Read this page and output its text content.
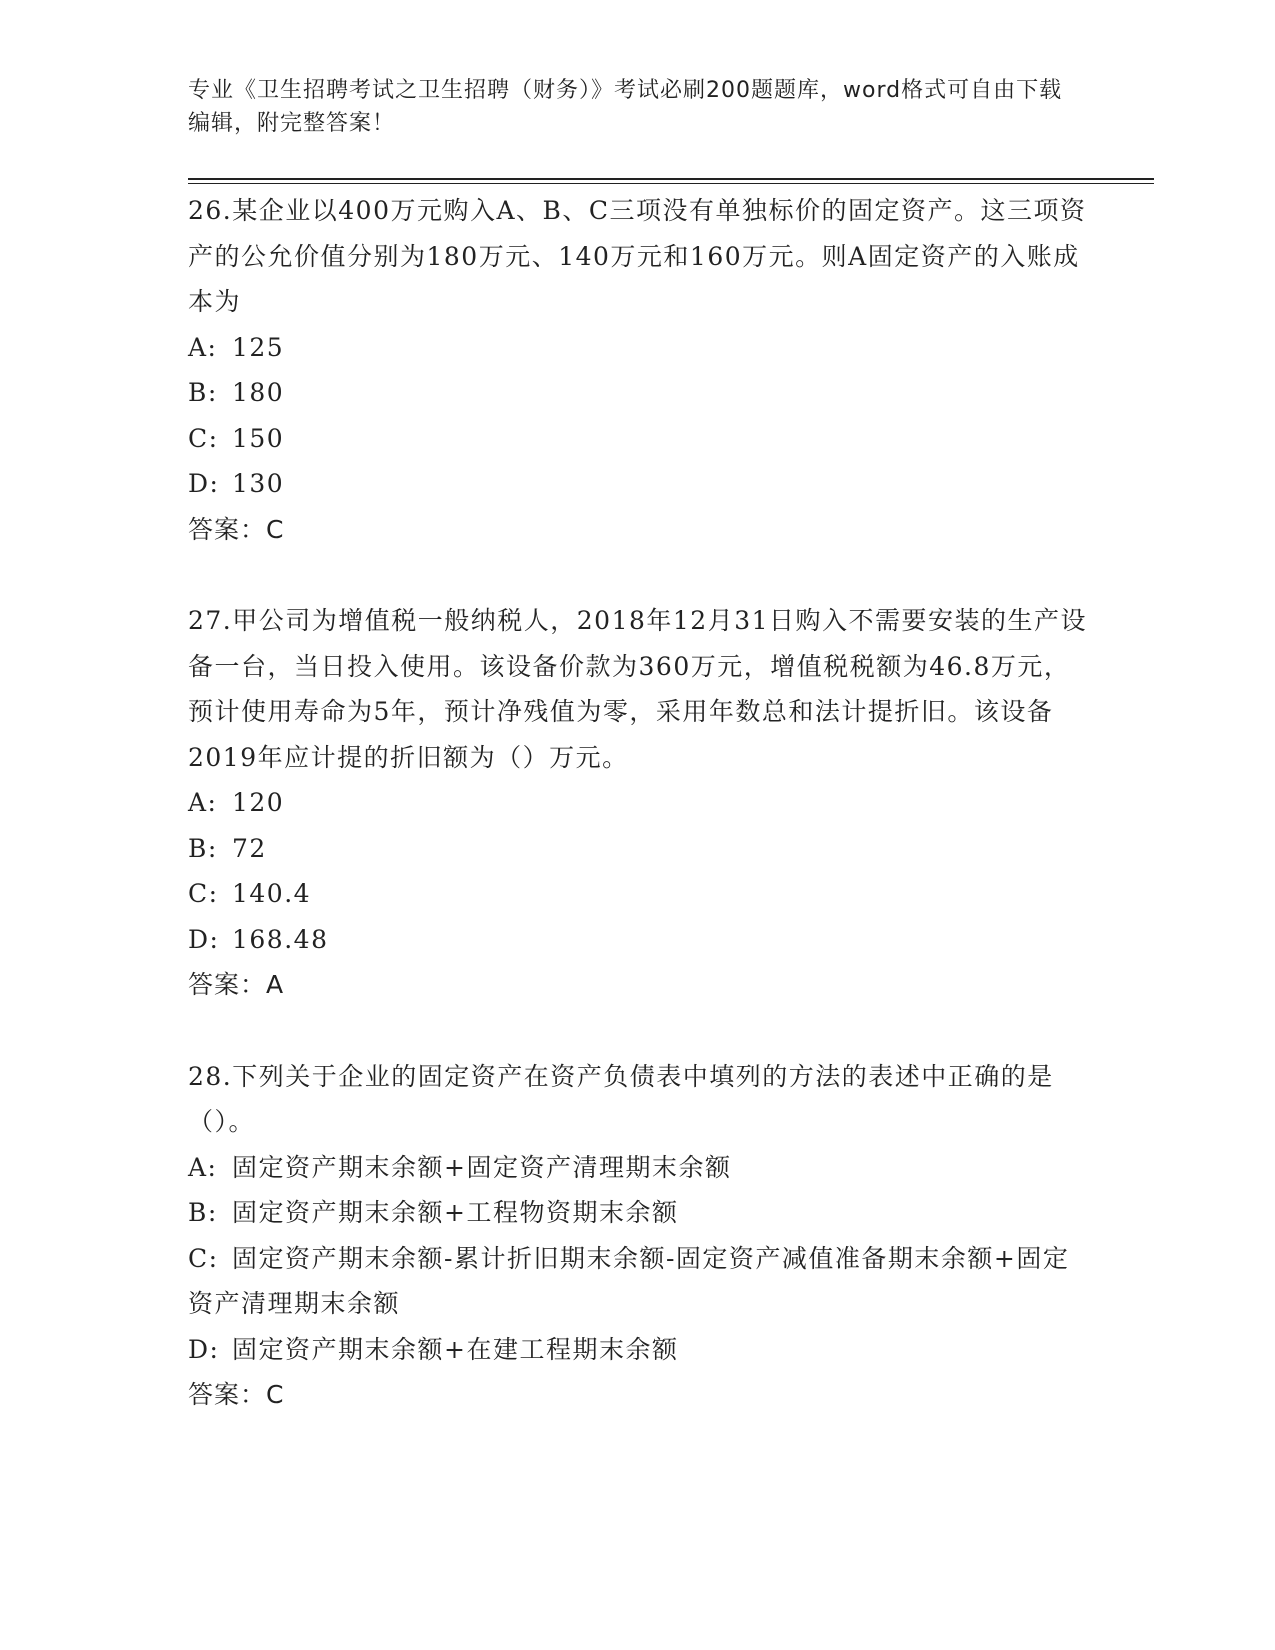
专业《卫生招聘考试之卫生招聘（财务）》考试必刷200题题库，word格式可自由下载编辑，附完整答案！

26.某企业以400万元购入A、B、C三项没有单独标价的固定资产。这三项资产的公允价值分别为180万元、140万元和160万元。则A固定资产的入账成本为

A: 125

B: 180

C: 150

D: 130

答案：C

27.甲公司为增值税一般纳税人，2018年12月31日购入不需要安装的生产设备一台，当日投入使用。该设备价款为360万元，增值税税额为46.8万元，预计使用寿命为5年，预计净残值为零，采用年数总和法计提折旧。该设备2019年应计提的折旧额为（）万元。

A: 120

B: 72

C: 140.4

D: 168.48

答案：A

28.下列关于企业的固定资产在资产负债表中填列的方法的表述中正确的是（）。

A: 固定资产期末余额+固定资产清理期末余额

B: 固定资产期末余额+工程物资期末余额

C: 固定资产期末余额-累计折旧期末余额-固定资产减值准备期末余额+固定资产清理期末余额

D: 固定资产期末余额+在建工程期末余额

答案：C
